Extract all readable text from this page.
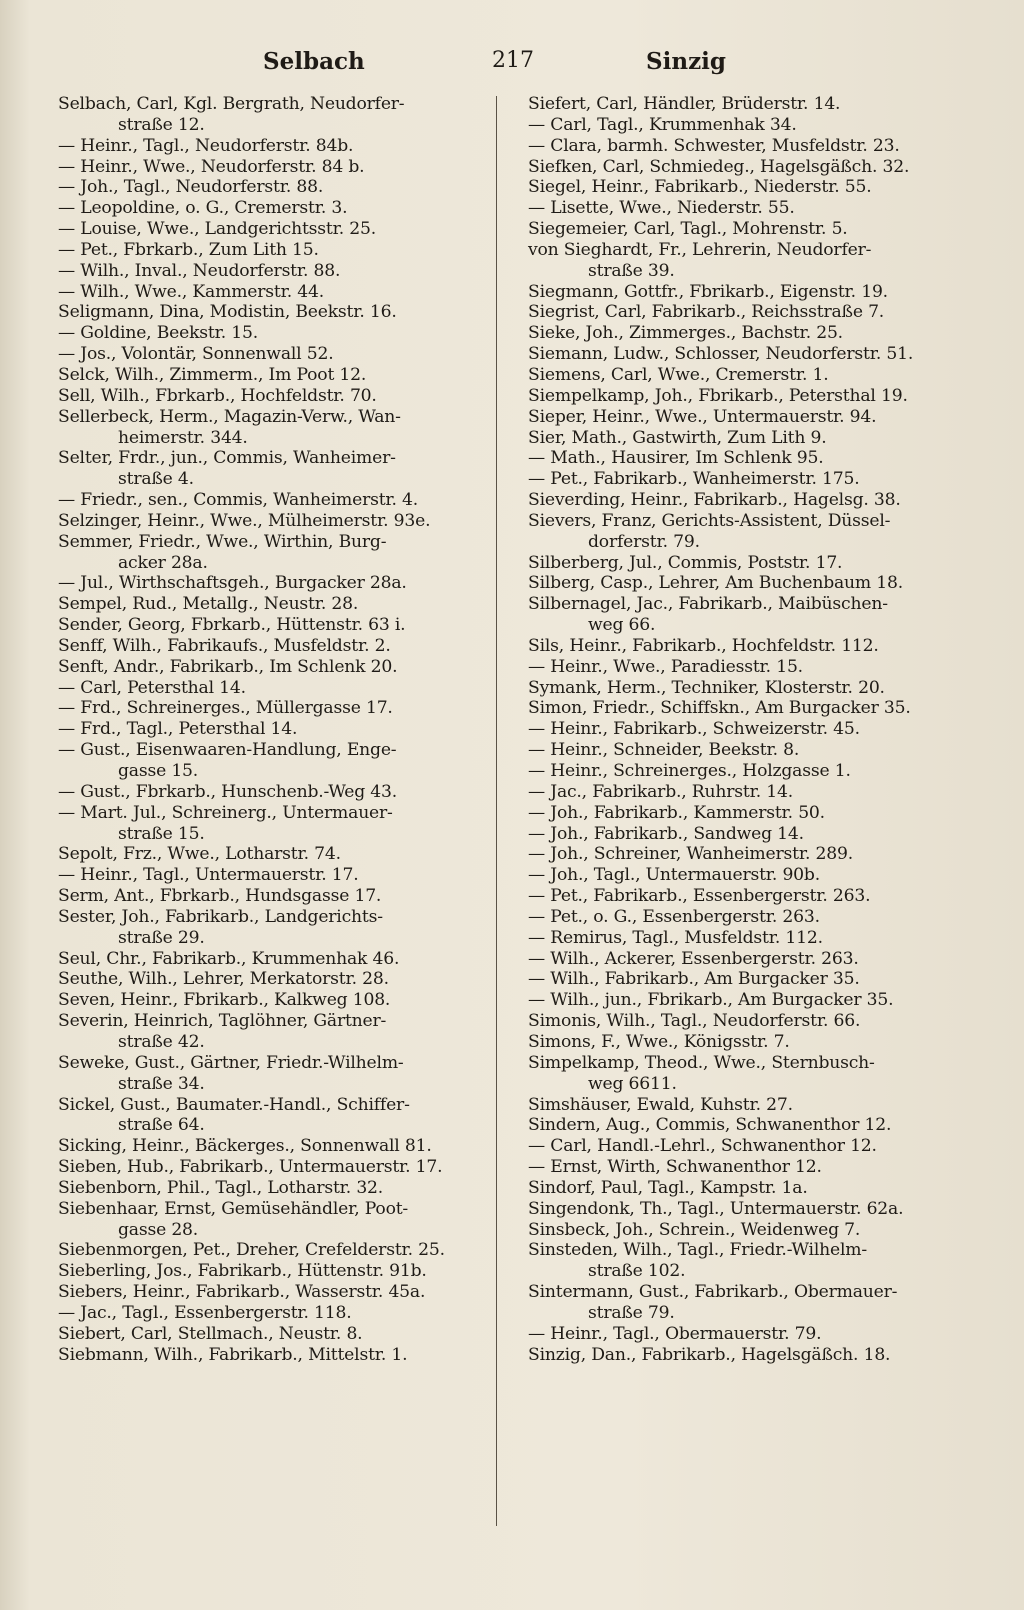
Selbach	217	Sinzig
Selbach, Carl, Kgl. Bergrath, Neudorfer-
straße 12.
— Heinr., Tagl., Neudorferstr. 84b.
— Heinr., Wwe., Neudorferstr. 84 b.
— Joh., Tagl., Neudorferstr. 88.
— Leopoldine, o. G., Cremerstr. 3.
— Louise, Wwe., Landgerichtsstr. 25.
— Pet., Fbrkarb., Zum Lith 15.
— Wilh., Inval., Neudorferstr. 88.
— Wilh., Wwe., Kammerstr. 44.
Seligmann, Dina, Modistin, Beekstr. 16.
— Goldine, Beekstr. 15.
— Jos., Volontär, Sonnenwall 52.
Selck, Wilh., Zimmerm., Im Poot 12.
Sell, Wilh., Fbrkarb., Hochfeldstr. 70.
Sellerbeck, Herm., Magazin-Verw., Wan-
heimerstr. 344.
Selter, Frdr., jun., Commis, Wanheimer-
straße 4.
— Friedr., sen., Commis, Wanheimerstr. 4.
Selzinger, Heinr., Wwe., Mülheimerstr. 93e.
Semmer, Friedr., Wwe., Wirthin, Burg-
acker 28a.
— Jul., Wirthschaftsgeh., Burgacker 28a.
Sempel, Rud., Metallg., Neustr. 28.
Sender, Georg, Fbrkarb., Hüttenstr. 63 i.
Senff, Wilh., Fabrikaufs., Musfeldstr. 2.
Senft, Andr., Fabrikarb., Im Schlenk 20.
— Carl, Petersthal 14.
— Frd., Schreinerges., Müllergasse 17.
— Frd., Tagl., Petersthal 14.
— Gust., Eisenwaaren-Handlung, Enge-
gasse 15.
— Gust., Fbrkarb., Hunschenb.-Weg 43.
— Mart. Jul., Schreinerg., Untermauer-
straße 15.
Sepolt, Frz., Wwe., Lotharstr. 74.
— Heinr., Tagl., Untermauerstr. 17.
Serm, Ant., Fbrkarb., Hundsgasse 17.
Sester, Joh., Fabrikarb., Landgerichts-
straße 29.
Seul, Chr., Fabrikarb., Krummenhak 46.
Seuthe, Wilh., Lehrer, Merkatorstr. 28.
Seven, Heinr., Fbrikarb., Kalkweg 108.
Severin, Heinrich, Taglöhner, Gärtner-
straße 42.
Seweke, Gust., Gärtner, Friedr.-Wilhelm-
straße 34.
Sickel, Gust., Baumater.-Handl., Schiffer-
straße 64.
Sicking, Heinr., Bäckerges., Sonnenwall 81.
Sieben, Hub., Fabrikarb., Untermauerstr. 17.
Siebenborn, Phil., Tagl., Lotharstr. 32.
Siebenhaar, Ernst, Gemüsehändler, Poot-
gasse 28.
Siebenmorgen, Pet., Dreher, Crefelderstr. 25.
Sieberling, Jos., Fabrikarb., Hüttenstr. 91b.
Siebers, Heinr., Fabrikarb., Wasserstr. 45a.
— Jac., Tagl., Essenbergerstr. 118.
Siebert, Carl, Stellmach., Neustr. 8.
Siebmann, Wilh., Fabrikarb., Mittelstr. 1.
Siefert, Carl, Händler, Brüderstr. 14.
— Carl, Tagl., Krummenhak 34.
— Clara, barmh. Schwester, Musfeldstr. 23.
Siefken, Carl, Schmiedeg., Hagelsgäßch. 32.
Siegel, Heinr., Fabrikarb., Niederstr. 55.
— Lisette, Wwe., Niederstr. 55.
Siegemeier, Carl, Tagl., Mohrenstr. 5.
von Sieghardt, Fr., Lehrerin, Neudorfer-
straße 39.
Siegmann, Gottfr., Fbrikarb., Eigenstr. 19.
Siegrist, Carl, Fabrikarb., Reichsstraße 7.
Sieke, Joh., Zimmerges., Bachstr. 25.
Siemann, Ludw., Schlosser, Neudorferstr. 51.
Siemens, Carl, Wwe., Cremerstr. 1.
Siempelkamp, Joh., Fbrikarb., Petersthal 19.
Sieper, Heinr., Wwe., Untermauerstr. 94.
Sier, Math., Gastwirth, Zum Lith 9.
— Math., Hausirer, Im Schlenk 95.
— Pet., Fabrikarb., Wanheimerstr. 175.
Sieverding, Heinr., Fabrikarb., Hagelsg. 38.
Sievers, Franz, Gerichts-Assistent, Düssel-
dorferstr. 79.
Silberberg, Jul., Commis, Poststr. 17.
Silberg, Casp., Lehrer, Am Buchenbaum 18.
Silbernagel, Jac., Fabrikarb., Maibüschen-
weg 66.
Sils, Heinr., Fabrikarb., Hochfeldstr. 112.
— Heinr., Wwe., Paradiesstr. 15.
Symank, Herm., Techniker, Klosterstr. 20.
Simon, Friedr., Schiffskn., Am Burgacker 35.
— Heinr., Fabrikarb., Schweizerstr. 45.
— Heinr., Schneider, Beekstr. 8.
— Heinr., Schreinerges., Holzgasse 1.
— Jac., Fabrikarb., Ruhrstr. 14.
— Joh., Fabrikarb., Kammerstr. 50.
— Joh., Fabrikarb., Sandweg 14.
— Joh., Schreiner, Wanheimerstr. 289.
— Joh., Tagl., Untermauerstr. 90b.
— Pet., Fabrikarb., Essenbergerstr. 263.
— Pet., o. G., Essenbergerstr. 263.
— Remirus, Tagl., Musfeldstr. 112.
— Wilh., Ackerer, Essenbergerstr. 263.
— Wilh., Fabrikarb., Am Burgacker 35.
— Wilh., jun., Fbrikarb., Am Burgacker 35.
Simonis, Wilh., Tagl., Neudorferstr. 66.
Simons, F., Wwe., Königsstr. 7.
Simpelkamp, Theod., Wwe., Sternbusch-
weg 6611.
Simshäuser, Ewald, Kuhstr. 27.
Sindern, Aug., Commis, Schwanenthor 12.
— Carl, Handl.-Lehrl., Schwanenthor 12.
— Ernst, Wirth, Schwanenthor 12.
Sindorf, Paul, Tagl., Kampstr. 1a.
Singendonk, Th., Tagl., Untermauerstr. 62a.
Sinsbeck, Joh., Schrein., Weidenweg 7.
Sinsteden, Wilh., Tagl., Friedr.-Wilhelm-
straße 102.
Sintermann, Gust., Fabrikarb., Obermauer-
straße 79.
— Heinr., Tagl., Obermauerstr. 79.
Sinzig, Dan., Fabrikarb., Hagelsgäßch. 18.
